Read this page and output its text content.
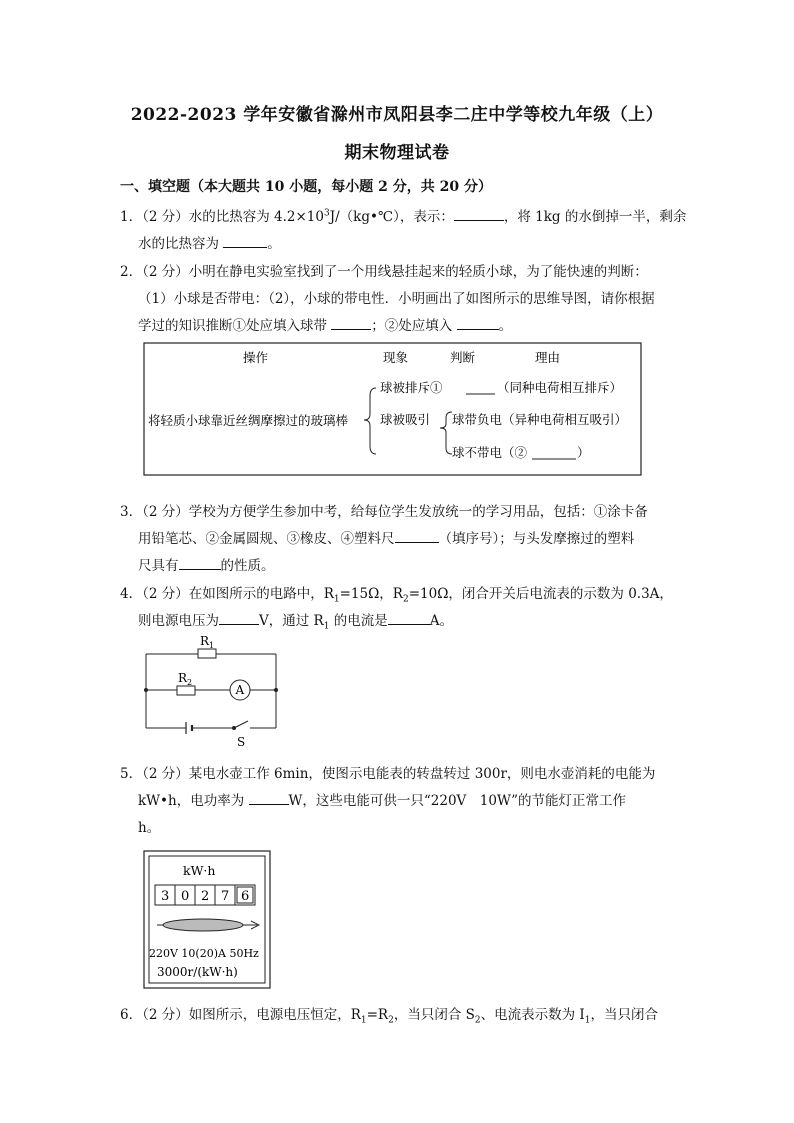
2022-2023 学年安徽省滁州市凤阳县李二庄中学等校九年级（上）
期末物理试卷
一、填空题（本大题共 10 小题，每小题 2 分，共 20 分）
1．（2 分）水的比热容为 $4.2\times 10^3J/(kg•℃)$，表示：	，将 1kg 的水倒掉一半，剩余
水的比热容为	。
2．（2 分）小明在静电实验室找到了一个用线悬挂起来的轻质小球，为了能快速的判断：
（1）小球是否带电：（2），小球的带电性．小明画出了如图所示的思维导图，请你根据
学过的知识推断①处应填入球带	；②处应填入	。
操作	现象	判断	理由
将轻质小球靠近丝绸摩擦过的玻璃棒
球被排斥①	（同种电荷相互排斥）
球被吸引 球带负电（异种电荷相互吸引）
球不带电（②	）
3．（2 分）学校为方便学生参加中考，给每位学生发放统一的学习用品，包括：①涂卡备
用铅笔芯、②金属圆规、③橡皮、④塑料尺	（填序号）；与头发摩擦过的塑料
尺具有	的性质。
4．（2 分）在如图所示的电路中，$R_1=15\Omega$，$R_2=10\Omega$，闭合开关后电流表的示数为 0.3A，
则电源电压为	V，通过 $R_1$ 的电流是	A。
$R_1$
$R_2$
A
S
5．（2 分）某电水壶工作 6min，使图示电能表的转盘转过 300r，则电水壶消耗的电能为
kW•h，电功率为	W，这些电能可供一只“220V　10W”的节能灯正常工作
h。
kW·h
3 0 2 7 6
220V 10(20)A 50Hz
3000r/(kW·h)
6．（2 分）如图所示，电源电压恒定，$R_1=R_2$，当只闭合 $S_2$、电流表示数为 $I_1$，当只闭合
